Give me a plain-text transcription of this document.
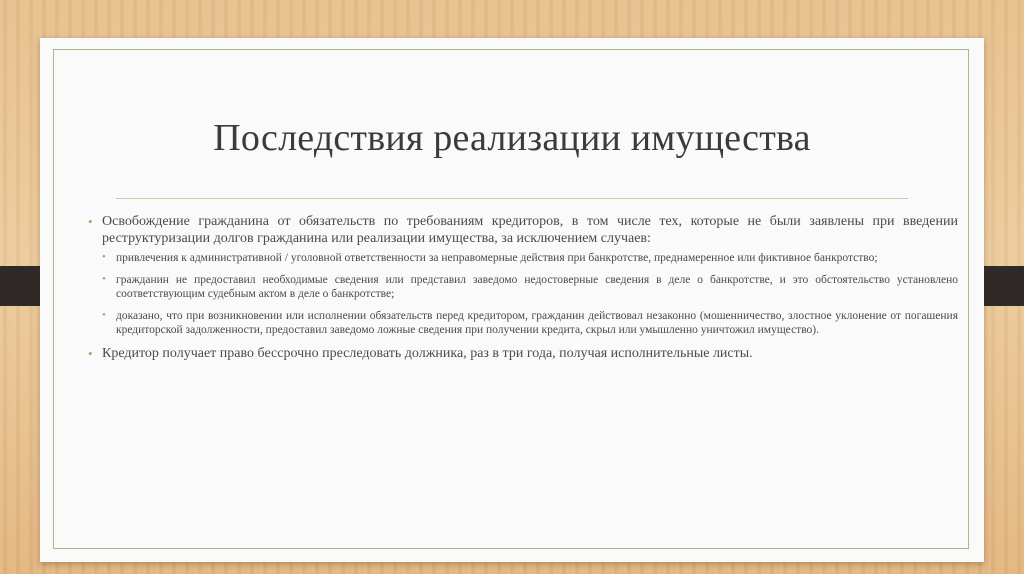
Последствия реализации имущества
• Освобождение гражданина от обязательств по требованиям кредиторов, в том числе тех, которые не были заявлены при введении реструктуризации долгов гражданина или реализации имущества, за исключением случаев:
• привлечения к административной / уголовной ответственности за неправомерные действия при банкротстве, преднамеренное или фиктивное банкротство;
• гражданин не предоставил необходимые сведения или представил заведомо недостоверные сведения в деле о банкротстве, и это обстоятельство установлено соответствующим судебным актом в деле о банкротстве;
• доказано, что при возникновении или исполнении обязательств перед кредитором, гражданин действовал незаконно (мошенничество, злостное уклонение от погашения кредиторской задолженности, предоставил заведомо ложные сведения при получении кредита, скрыл или умышленно уничтожил имущество).
• Кредитор получает право бессрочно преследовать должника, раз в три года, получая исполнительные листы.
